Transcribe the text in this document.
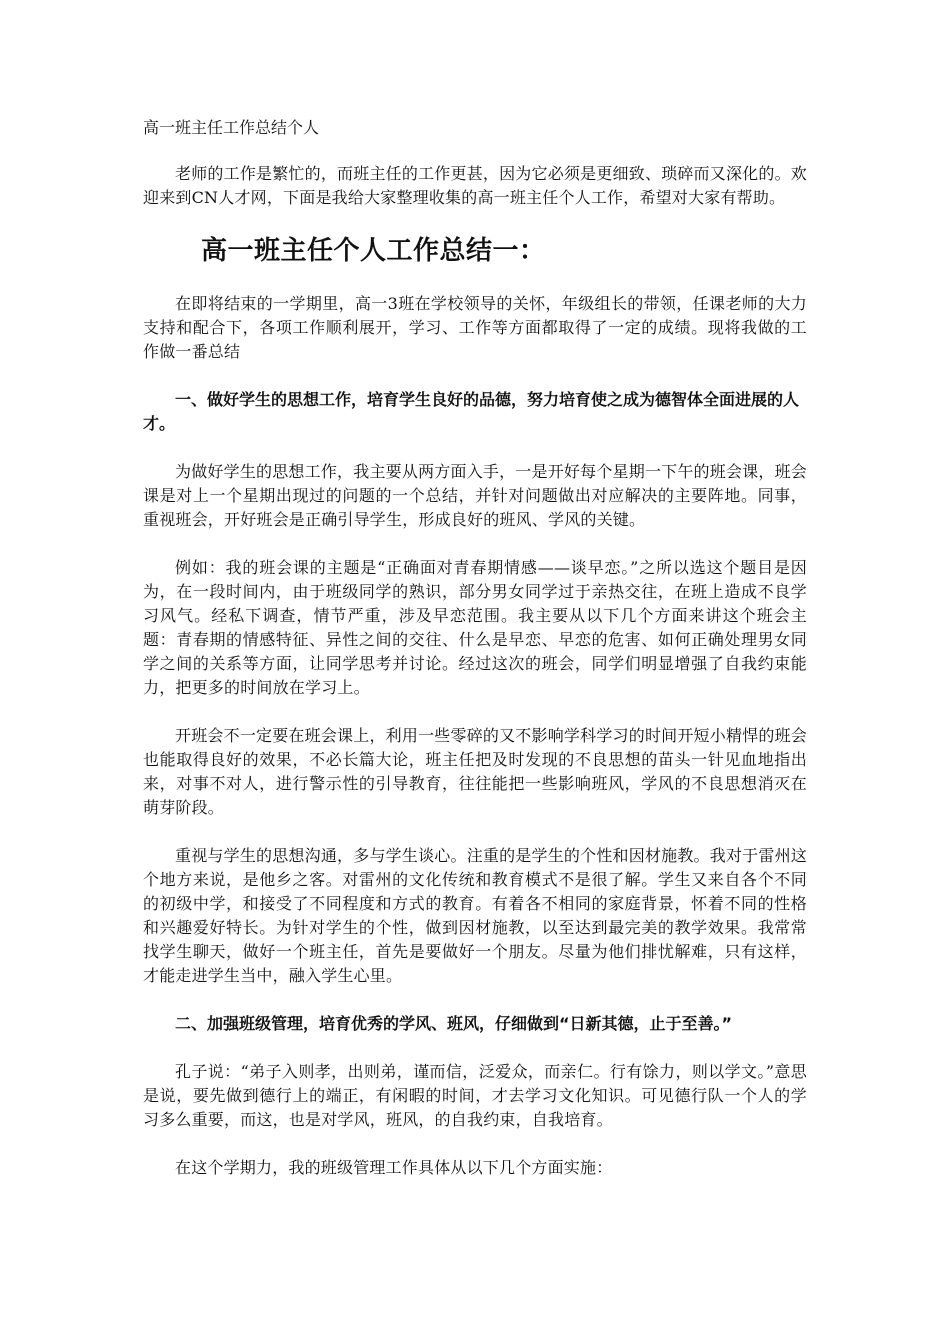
高一班主任工作总结个人

老师的工作是繁忙的，而班主任的工作更甚，因为它必须是更细致、琐碎而又深化的。欢迎来到CN人才网，下面是我给大家整理收集的高一班主任个人工作，希望对大家有帮助。

高一班主任个人工作总结一：

在即将结束的一学期里，高一3班在学校领导的关怀，年级组长的带领，任课老师的大力支持和配合下，各项工作顺利展开，学习、工作等方面都取得了一定的成绩。现将我做的工作做一番总结

一、做好学生的思想工作，培育学生良好的品德，努力培育使之成为德智体全面进展的人才。

为做好学生的思想工作，我主要从两方面入手，一是开好每个星期一下午的班会课，班会课是对上一个星期出现过的问题的一个总结，并针对问题做出对应解决的主要阵地。同事，重视班会，开好班会是正确引导学生，形成良好的班风、学风的关键。

例如：我的班会课的主题是“正确面对青春期情感——谈早恋。”之所以选这个题目是因为，在一段时间内，由于班级同学的熟识，部分男女同学过于亲热交往，在班上造成不良学习风气。经私下调查，情节严重，涉及早恋范围。我主要从以下几个方面来讲这个班会主题：青春期的情感特征、异性之间的交往、什么是早恋、早恋的危害、如何正确处理男女同学之间的关系等方面，让同学思考并讨论。经过这次的班会，同学们明显增强了自我约束能力，把更多的时间放在学习上。

开班会不一定要在班会课上，利用一些零碎的又不影响学科学习的时间开短小精悍的班会也能取得良好的效果，不必长篇大论，班主任把及时发现的不良思想的苗头一针见血地指出来，对事不对人，进行警示性的引导教育，往往能把一些影响班风，学风的不良思想消灭在萌芽阶段。

重视与学生的思想沟通，多与学生谈心。注重的是学生的个性和因材施教。我对于雷州这个地方来说，是他乡之客。对雷州的文化传统和教育模式不是很了解。学生又来自各个不同的初级中学，和接受了不同程度和方式的教育。有着各不相同的家庭背景，怀着不同的性格和兴趣爱好特长。为针对学生的个性，做到因材施教，以至达到最完美的教学效果。我常常找学生聊天，做好一个班主任，首先是要做好一个朋友。尽量为他们排忧解难，只有这样，才能走进学生当中，融入学生心里。

二、加强班级管理，培育优秀的学风、班风，仔细做到“日新其德，止于至善。”

孔子说：“弟子入则孝，出则弟，谨而信，泛爱众，而亲仁。行有馀力，则以学文。”意思是说，要先做到德行上的端正，有闲暇的时间，才去学习文化知识。可见德行队一个人的学习多么重要，而这，也是对学风，班风，的自我约束，自我培育。

在这个学期力，我的班级管理工作具体从以下几个方面实施：
